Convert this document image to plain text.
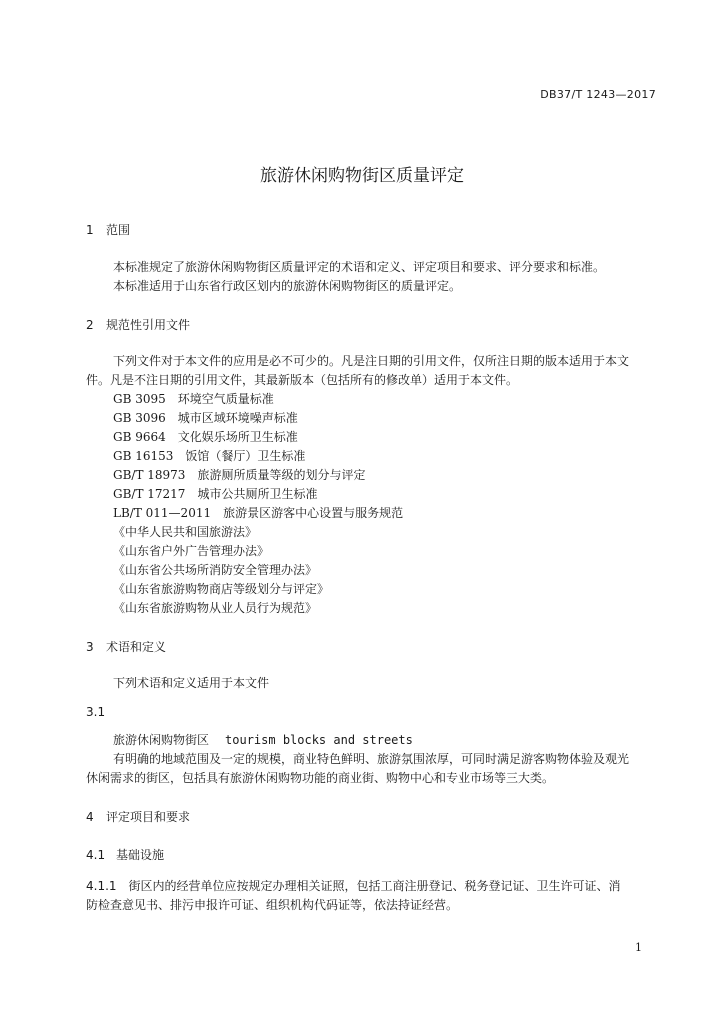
DB37/T 1243—2017
旅游休闲购物街区质量评定
1 范围
本标准规定了旅游休闲购物街区质量评定的术语和定义、评定项目和要求、评分要求和标准。
本标准适用于山东省行政区划内的旅游休闲购物街区的质量评定。
2 规范性引用文件
下列文件对于本文件的应用是必不可少的。凡是注日期的引用文件，仅所注日期的版本适用于本文
件。凡是不注日期的引用文件，其最新版本（包括所有的修改单）适用于本文件。
GB 3095 环境空气质量标准
GB 3096 城市区域环境噪声标准
GB 9664 文化娱乐场所卫生标准
GB 16153 饭馆（餐厅）卫生标准
GB/T 18973 旅游厕所质量等级的划分与评定
GB/T 17217 城市公共厕所卫生标准
LB/T 011—2011 旅游景区游客中心设置与服务规范
《中华人民共和国旅游法》
《山东省户外广告管理办法》
《山东省公共场所消防安全管理办法》
《山东省旅游购物商店等级划分与评定》
《山东省旅游购物从业人员行为规范》
3 术语和定义
下列术语和定义适用于本文件
3.1
旅游休闲购物街区 tourism blocks and streets
有明确的地域范围及一定的规模，商业特色鲜明、旅游氛围浓厚，可同时满足游客购物体验及观光
休闲需求的街区，包括具有旅游休闲购物功能的商业街、购物中心和专业市场等三大类。
4 评定项目和要求
4.1 基础设施
4.1.1 街区内的经营单位应按规定办理相关证照，包括工商注册登记、税务登记证、卫生许可证、消
防检查意见书、排污申报许可证、组织机构代码证等，依法持证经营。
1
